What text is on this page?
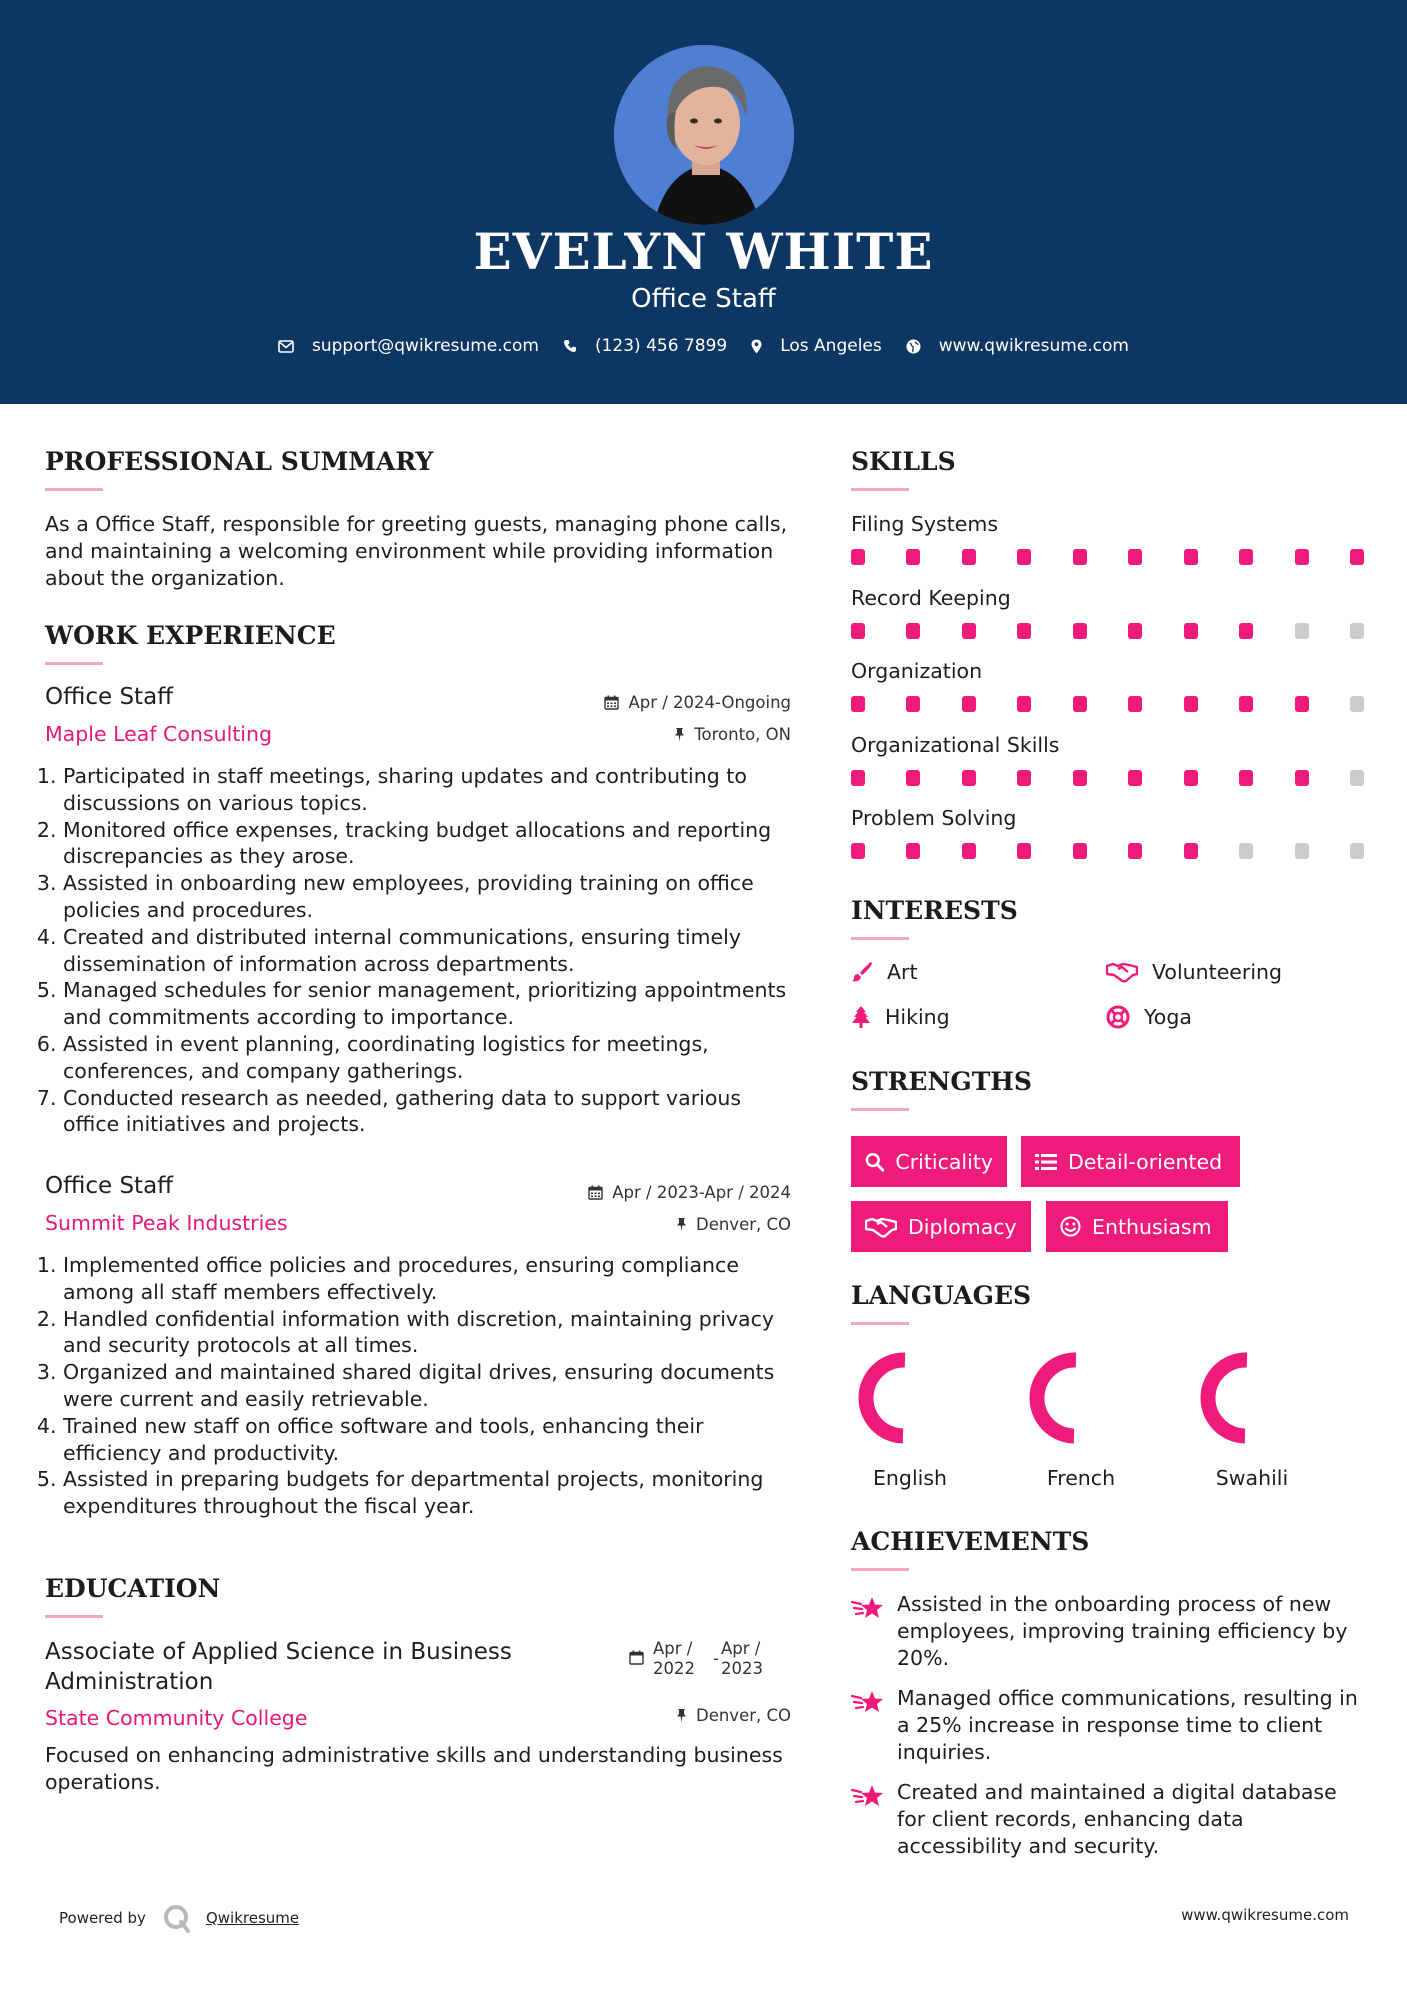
EVELYN WHITE
Office Staff
support@qwikresume.com	(123) 456 7899	Los Angeles	www.qwikresume.com
PROFESSIONAL SUMMARY
As a Office Staff, responsible for greeting guests, managing phone calls, and maintaining a welcoming environment while providing information about the organization.
WORK EXPERIENCE
Office Staff	Apr / 2024-Ongoing
Maple Leaf Consulting	Toronto, ON
1. Participated in staff meetings, sharing updates and contributing to discussions on various topics.
2. Monitored office expenses, tracking budget allocations and reporting discrepancies as they arose.
3. Assisted in onboarding new employees, providing training on office policies and procedures.
4. Created and distributed internal communications, ensuring timely dissemination of information across departments.
5. Managed schedules for senior management, prioritizing appointments and commitments according to importance.
6. Assisted in event planning, coordinating logistics for meetings, conferences, and company gatherings.
7. Conducted research as needed, gathering data to support various office initiatives and projects.
Office Staff	Apr / 2023-Apr / 2024
Summit Peak Industries	Denver, CO
1. Implemented office policies and procedures, ensuring compliance among all staff members effectively.
2. Handled confidential information with discretion, maintaining privacy and security protocols at all times.
3. Organized and maintained shared digital drives, ensuring documents were current and easily retrievable.
4. Trained new staff on office software and tools, enhancing their efficiency and productivity.
5. Assisted in preparing budgets for departmental projects, monitoring expenditures throughout the fiscal year.
EDUCATION
Associate of Applied Science in Business Administration
Apr / 2022
-
Apr / 2023
State Community College	Denver, CO
Focused on enhancing administrative skills and understanding business operations.
SKILLS
Filing Systems
Record Keeping
Organization
Organizational Skills
Problem Solving
INTERESTS
Art	Volunteering
Hiking	Yoga
STRENGTHS
Criticality	Detail-oriented
Diplomacy	Enthusiasm
LANGUAGES
English	French	Swahili
ACHIEVEMENTS
Assisted in the onboarding process of new employees, improving training efficiency by 20%.
Managed office communications, resulting in a 25% increase in response time to client inquiries.
Created and maintained a digital database for client records, enhancing data accessibility and security.
Powered by	Qwikresume	www.qwikresume.com
